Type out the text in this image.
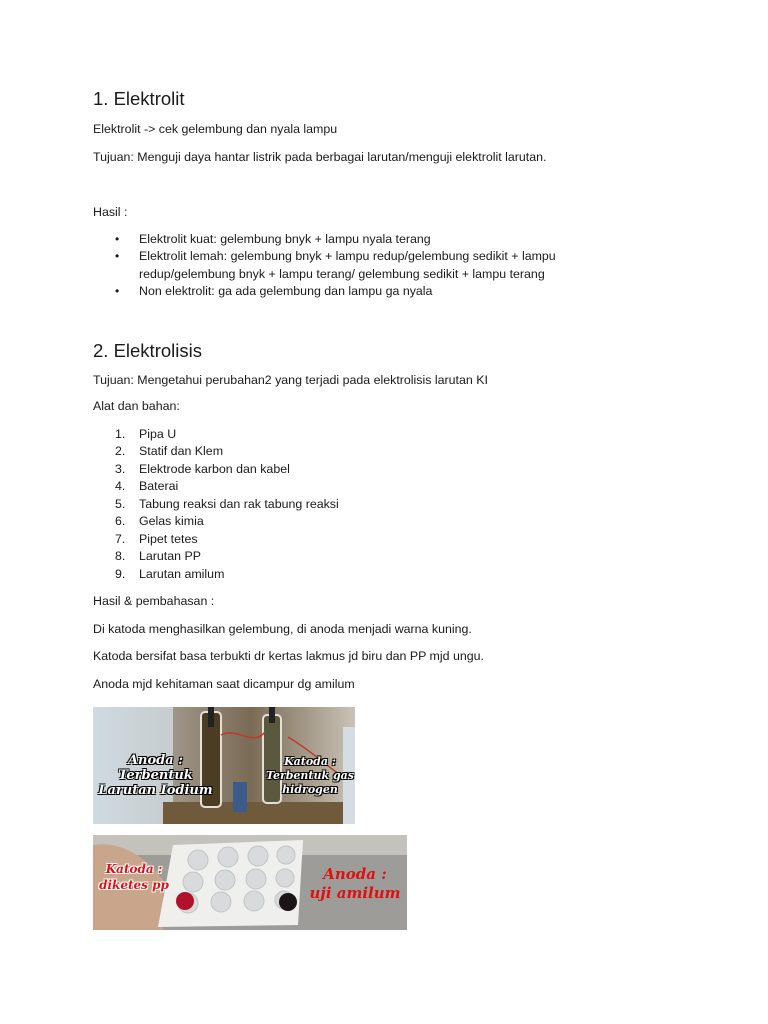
1. Elektrolit

Elektrolit -> cek gelembung dan nyala lampu

Tujuan: Menguji daya hantar listrik pada berbagai larutan/menguji elektrolit larutan.

Hasil :

• Elektrolit kuat: gelembung bnyk + lampu nyala terang
• Elektrolit lemah: gelembung bnyk + lampu redup/gelembung sedikit + lampu redup/gelembung bnyk + lampu terang/ gelembung sedikit + lampu terang
• Non elektrolit: ga ada gelembung dan lampu ga nyala
2. Elektrolisis

Tujuan: Mengetahui perubahan2 yang terjadi pada elektrolisis larutan KI

Alat dan bahan:

1. Pipa U
2. Statif dan Klem
3. Elektrode karbon dan kabel
4. Baterai
5. Tabung reaksi dan rak tabung reaksi
6. Gelas kimia
7. Pipet tetes
8. Larutan PP
9. Larutan amilum

Hasil & pembahasan :

Di katoda menghasilkan gelembung, di anoda menjadi warna kuning.

Katoda bersifat basa terbukti dr kertas lakmus jd biru dan PP mjd ungu.

Anoda mjd kehitaman saat dicampur dg amilum

Anoda :
Terbentuk
Larutan Iodium
Katoda :
Terbentuk gas
hidrogen
Katoda :
diketes pp
Anoda :
uji amilum
